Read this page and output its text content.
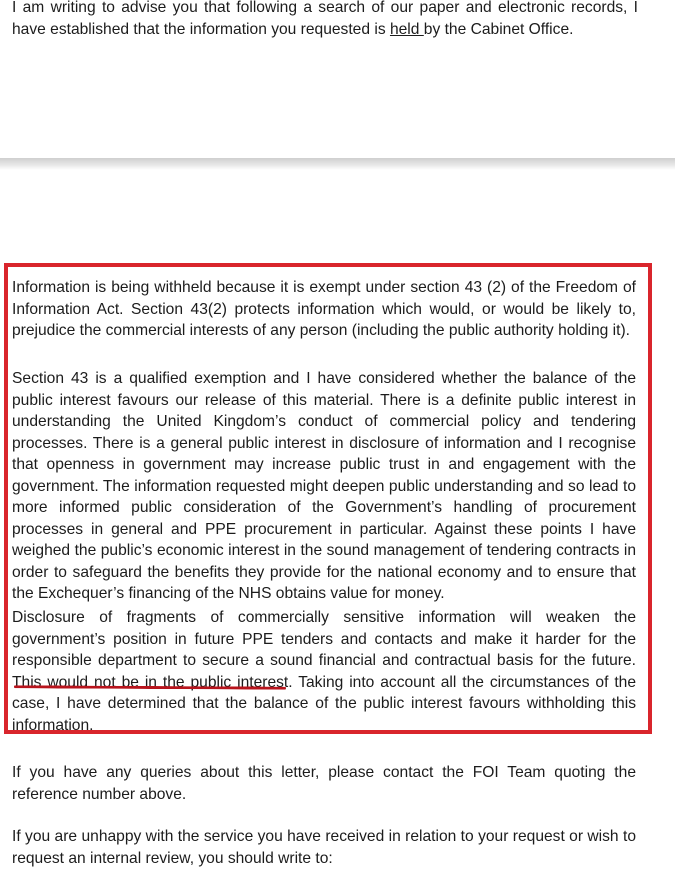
I am writing to advise you that following a search of our paper and electronic records, I have established that the information you requested is held by the Cabinet Office.

Information is being withheld because it is exempt under section 43 (2) of the Freedom of Information Act. Section 43(2) protects information which would, or would be likely to, prejudice the commercial interests of any person (including the public authority holding it).

Section 43 is a qualified exemption and I have considered whether the balance of the public interest favours our release of this material. There is a definite public interest in understanding the United Kingdom’s conduct of commercial policy and tendering processes. There is a general public interest in disclosure of information and I recognise that openness in government may increase public trust in and engagement with the government. The information requested might deepen public understanding and so lead to more informed public consideration of the Government’s handling of procurement processes in general and PPE procurement in particular. Against these points I have weighed the public’s economic interest in the sound management of tendering contracts in order to safeguard the benefits they provide for the national economy and to ensure that the Exchequer’s financing of the NHS obtains value for money.

Disclosure of fragments of commercially sensitive information will weaken the government’s position in future PPE tenders and contacts and make it harder for the responsible department to secure a sound financial and contractual basis for the future. This would not be in the public interest. Taking into account all the circumstances of the case, I have determined that the balance of the public interest favours withholding this information.

If you have any queries about this letter, please contact the FOI Team quoting the reference number above.

If you are unhappy with the service you have received in relation to your request or wish to request an internal review, you should write to:
